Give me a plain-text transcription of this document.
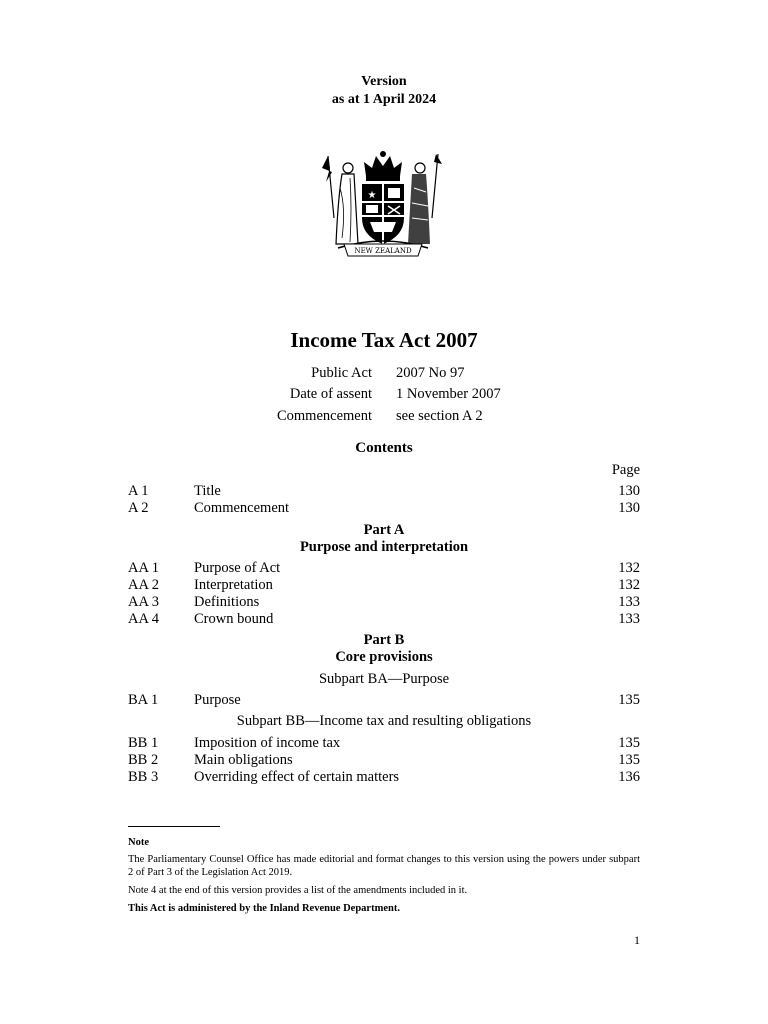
Version
as at 1 April 2024
★
NEW ZEALAND
Income Tax Act 2007
Public Act 2007 No 97
Date of assent 1 November 2007
Commencement see section A 2
Contents
Page
A 1	Title	130
A 2	Commencement	130
Part A
Purpose and interpretation
AA 1 Purpose of Act	132
AA 2 Interpretation	132
AA 3 Definitions	133
AA 4 Crown bound	133
Part B
Core provisions
Subpart BA—Purpose
BA 1 Purpose	135
Subpart BB—Income tax and resulting obligations
BB 1 Imposition of income tax	135
BB 2 Main obligations	135
BB 3 Overriding effect of certain matters	136
Note
The Parliamentary Counsel Office has made editorial and format changes to this version using the powers under subpart 2 of Part 3 of the Legislation Act 2019.
Note 4 at the end of this version provides a list of the amendments included in it.
This Act is administered by the Inland Revenue Department.
1
